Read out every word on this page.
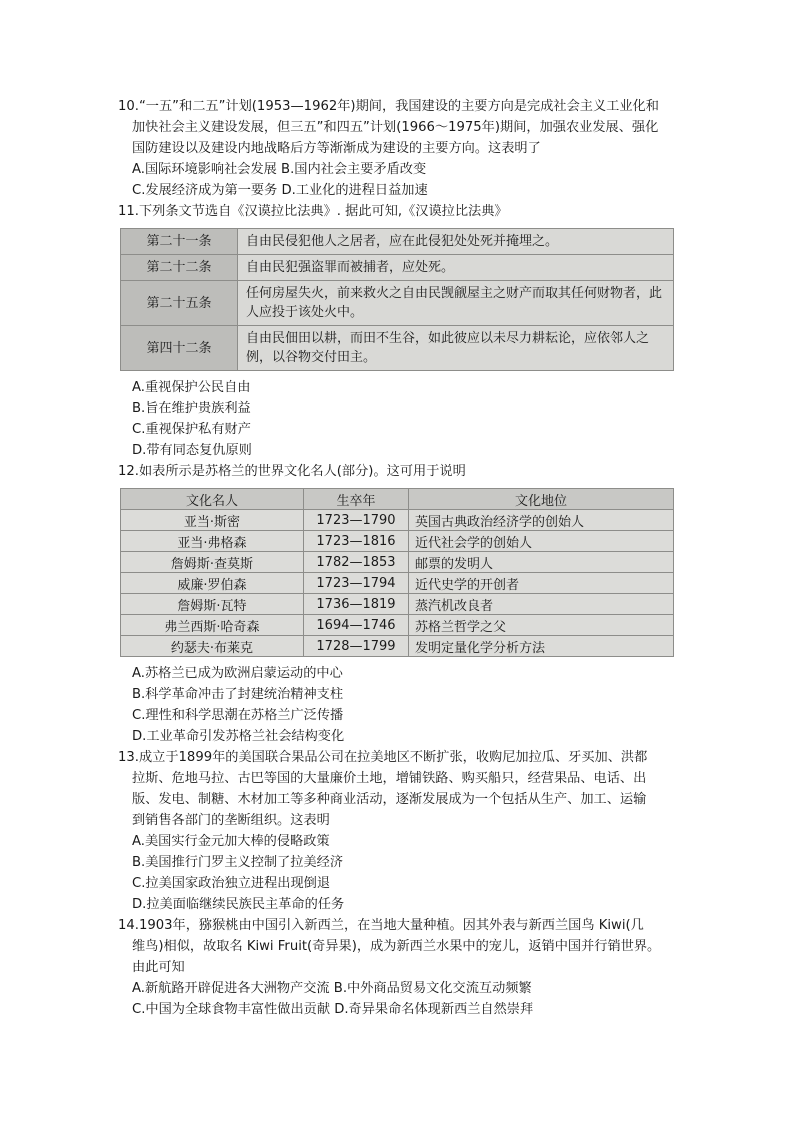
10.“一五”和二五”计划(1953—1962年)期间，我国建设的主要方向是完成社会主义工业化和
加快社会主义建设发展，但三五”和四五”计划(1966～1975年)期间，加强农业发展、强化
国防建设以及建设内地战略后方等渐渐成为建设的主要方向。这表明了
A.国际环境影响社会发展 B.国内社会主要矛盾改变
C.发展经济成为第一要务 D.工业化的进程日益加速
11.下列条文节选自《汉谟拉比法典》. 据此可知,《汉谟拉比法典》
第二十一条	自由民侵犯他人之居者，应在此侵犯处处死并掩埋之。
第二十二条	自由民犯强盗罪而被捕者，应处死。
第二十五条	任何房屋失火，前来救火之自由民觊觎屋主之财产而取其任何财物者，此人应投于该处火中。
第四十二条	自由民佃田以耕，而田不生谷，如此彼应以未尽力耕耘论，应依邻人之例，以谷物交付田主。
A.重视保护公民自由
B.旨在维护贵族利益
C.重视保护私有财产
D.带有同态复仇原则
12.如表所示是苏格兰的世界文化名人(部分)。这可用于说明
文化名人	生卒年	文化地位
亚当·斯密	1723—1790	英国古典政治经济学的创始人
亚当·弗格森	1723—1816	近代社会学的创始人
詹姆斯·查莫斯	1782—1853	邮票的发明人
威廉·罗伯森	1723—1794	近代史学的开创者
詹姆斯·瓦特	1736—1819	蒸汽机改良者
弗兰西斯·哈奇森	1694—1746	苏格兰哲学之父
约瑟夫·布莱克	1728—1799	发明定量化学分析方法
A.苏格兰已成为欧洲启蒙运动的中心
B.科学革命冲击了封建统治精神支柱
C.理性和科学思潮在苏格兰广泛传播
D.工业革命引发苏格兰社会结构变化
13.成立于1899年的美国联合果品公司在拉美地区不断扩张，收购尼加拉瓜、牙买加、洪都
拉斯、危地马拉、古巴等国的大量廉价土地，增铺铁路、购买船只，经营果品、电话、出
版、发电、制糖、木材加工等多种商业活动，逐渐发展成为一个包括从生产、加工、运输
到销售各部门的垄断组织。这表明
A.美国实行金元加大棒的侵略政策
B.美国推行门罗主义控制了拉美经济
C.拉美国家政治独立进程出现倒退
D.拉美面临继续民族民主革命的任务
14.1903年，猕猴桃由中国引入新西兰，在当地大量种植。因其外表与新西兰国鸟 Kiwi(几
维鸟)相似，故取名 Kiwi Fruit(奇异果)，成为新西兰水果中的宠儿，返销中国并行销世界。
由此可知
A.新航路开辟促进各大洲物产交流 B.中外商品贸易文化交流互动频繁
C.中国为全球食物丰富性做出贡献 D.奇异果命名体现新西兰自然崇拜
